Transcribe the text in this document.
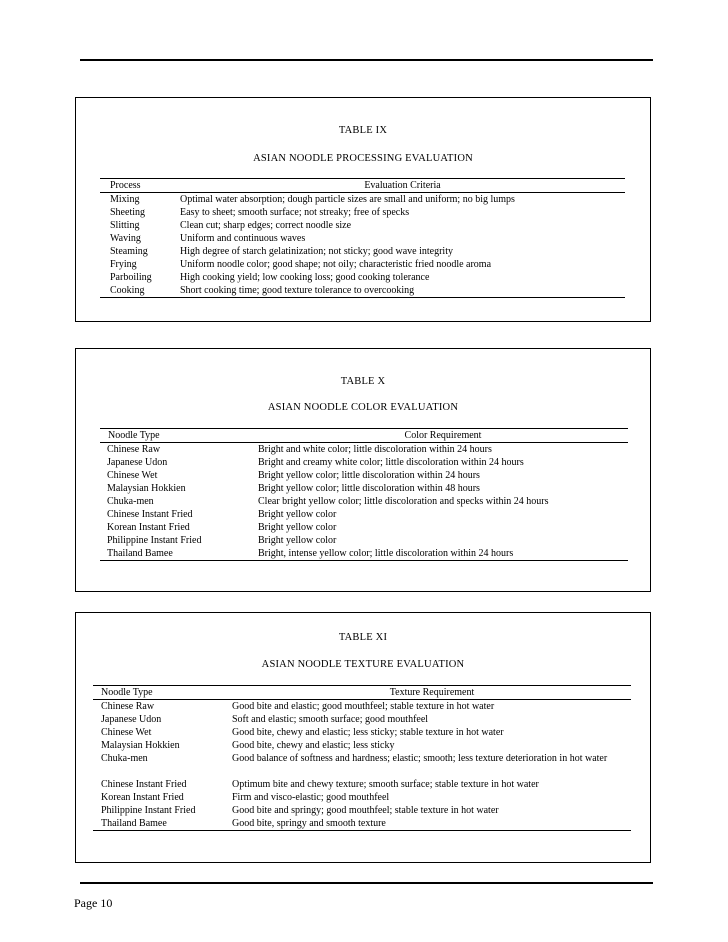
TABLE IX
ASIAN NOODLE PROCESSING EVALUATION
Process	Evaluation Criteria
Mixing	Optimal water absorption; dough particle sizes are small and uniform; no big lumps
Sheeting	Easy to sheet; smooth surface; not streaky; free of specks
Slitting	Clean cut; sharp edges; correct noodle size
Waving	Uniform and continuous waves
Steaming	High degree of starch gelatinization; not sticky; good wave integrity
Frying	Uniform noodle color; good shape; not oily; characteristic fried noodle aroma
Parboiling	High cooking yield; low cooking loss; good cooking tolerance
Cooking	Short cooking time; good texture tolerance to overcooking
TABLE X
ASIAN NOODLE COLOR EVALUATION
Noodle Type	Color Requirement
Chinese Raw	Bright and white color; little discoloration within 24 hours
Japanese Udon	Bright and creamy white color; little discoloration within 24 hours
Chinese Wet	Bright yellow color; little discoloration within 24 hours
Malaysian Hokkien	Bright yellow color; little discoloration within 48 hours
Chuka-men	Clear bright yellow color; little discoloration and specks within 24 hours
Chinese Instant Fried	Bright yellow color
Korean Instant Fried	Bright yellow color
Philippine Instant Fried	Bright yellow color
Thailand Bamee	Bright, intense yellow color; little discoloration within 24 hours
TABLE XI
ASIAN NOODLE TEXTURE EVALUATION
Noodle Type	Texture Requirement
Chinese Raw	Good bite and elastic; good mouthfeel; stable texture in hot water
Japanese Udon	Soft and elastic; smooth surface; good mouthfeel
Chinese Wet	Good bite, chewy and elastic; less sticky; stable texture in hot water
Malaysian Hokkien	Good bite, chewy and elastic; less sticky
Chuka-men	Good balance of softness and hardness; elastic; smooth; less texture deterioration in hot water
Chinese Instant Fried	Optimum bite and chewy texture; smooth surface; stable texture in hot water
Korean Instant Fried	Firm and visco-elastic; good mouthfeel
Philippine Instant Fried	Good bite and springy; good mouthfeel; stable texture in hot water
Thailand Bamee	Good bite, springy and smooth texture
Page 10
